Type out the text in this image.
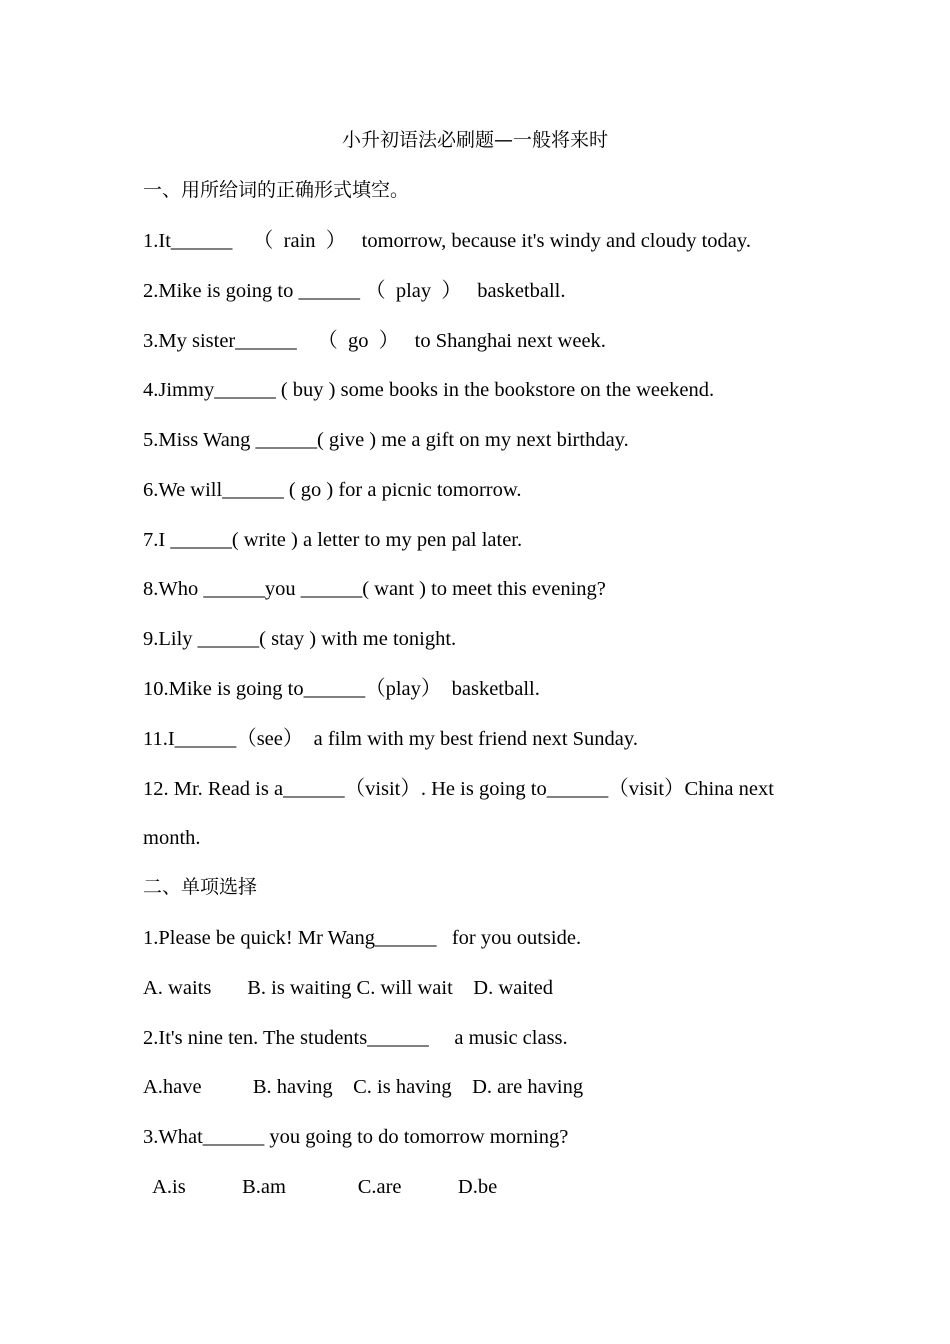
小升初语法必刷题—一般将来时
一、用所给词的正确形式填空。
1.It______    （  rain  ）   tomorrow, because it's windy and cloudy today.
2.Mike is going to ______ （  play  ）   basketball.
3.My sister______    （  go  ）   to Shanghai next week.
4.Jimmy______ ( buy ) some books in the bookstore on the weekend.
5.Miss Wang ______( give ) me a gift on my next birthday.
6.We will______ ( go ) for a picnic tomorrow.
7.I ______( write ) a letter to my pen pal later.
8.Who ______you ______( want ) to meet this evening?
9.Lily ______( stay ) with me tonight.
10.Mike is going to______（play）  basketball.
11.I______（see）  a film with my best friend next Sunday.
12. Mr. Read is a______（visit）. He is going to______（visit）China next
month.
二、单项选择
1.Please be quick! Mr Wang______   for you outside.
A. waits       B. is waiting C. will wait    D. waited
2.It's nine ten. The students______     a music class.
A.have          B. having    C. is having    D. are having
3.What______ you going to do tomorrow morning?
A.is           B.am              C.are           D.be
